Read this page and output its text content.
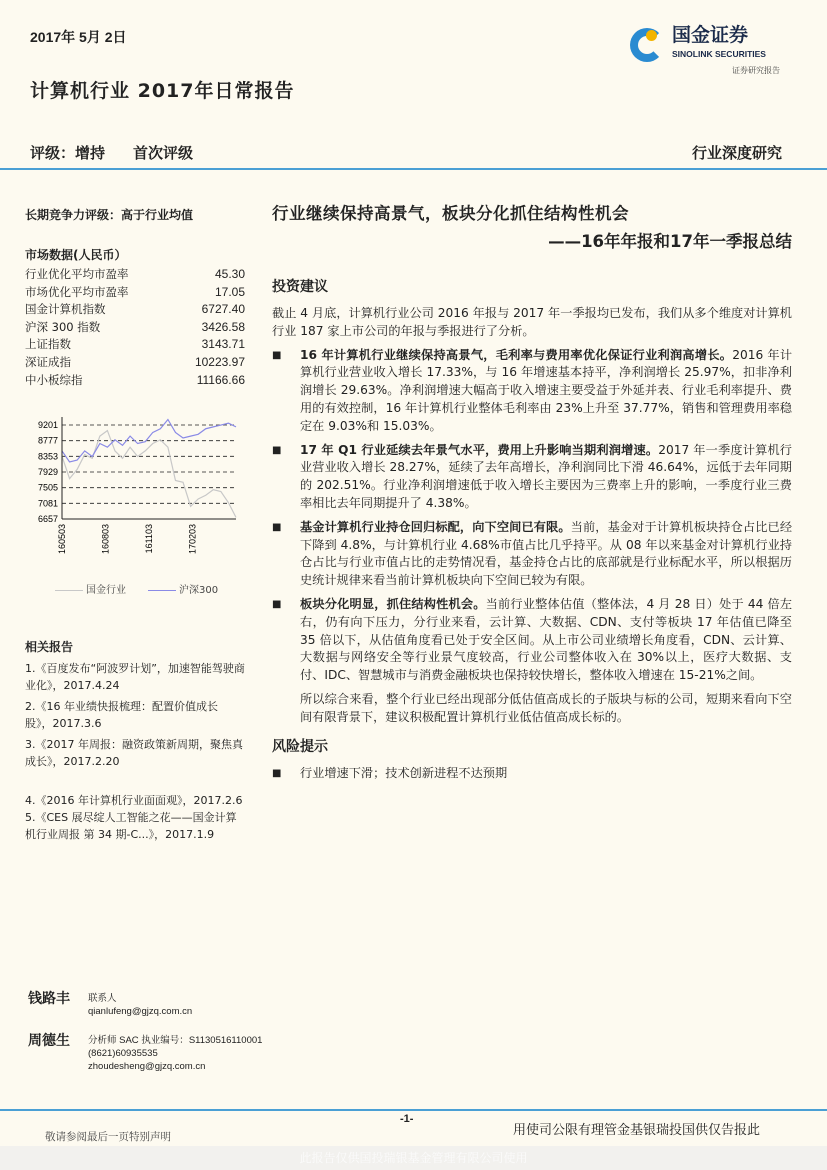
2017年 5月 2日	国金证券
SINOLINK SECURITIES
证券研究报告
计算机行业 2017年日常报告
评级：增持 首次评级	行业深度研究
长期竞争力评级：高于行业均值
市场数据(人民币）
行业优化平均市盈率	45.30
市场优化平均市盈率	17.05
国金计算机指数	6727.40
沪深 300 指数	3426.58
上证指数	3143.71
深证成指	10223.97
中小板综指	11166.66
9201
8777
8353
7929
7505
7081
6657
160503	160803	161103	170203
国金行业	沪深300
相关报告

1.《百度发布“阿波罗计划”，加速智能驾驶商业化》，2017.4.24

2.《16 年业绩快报梳理：配置价值成长股》，2017.3.6

3.《2017 年周报：融资政策新周期，聚焦真成长》，2017.2.20

4.《2016 年计算机行业面面观》，2017.2.6

5.《CES 展尽绽人工智能之花——国金计算机行业周报 第 34 期-C...》，2017.1.9

行业继续保持高景气，板块分化抓住结构性机会
——16年年报和17年一季报总结
投资建议
截止 4 月底，计算机行业公司 2016 年报与 2017 年一季报均已发布，我们从多个维度对计算机行业 187 家上市公司的年报与季报进行了分析。
■	16 年计算机行业继续保持高景气，毛利率与费用率优化保证行业利润高增长。2016 年计算机行业营业收入增长 17.33%，与 16 年增速基本持平，净利润增长 25.97%，扣非净利润增长 29.63%。净利润增速大幅高于收入增速主要受益于外延并表、行业毛利率提升、费用的有效控制，16 年计算机行业整体毛利率由 23%上升至 37.77%，销售和管理费用率稳定在 9.03%和 15.03%。
■	17 年 Q1 行业延续去年景气水平，费用上升影响当期利润增速。2017 年一季度计算机行业营业收入增长 28.27%，延续了去年高增长，净利润同比下滑 46.64%，远低于去年同期的 202.51%。行业净利润增速低于收入增长主要因为三费率上升的影响，一季度行业三费率相比去年同期提升了 4.38%。
■	基金计算机行业持仓回归标配，向下空间已有限。当前，基金对于计算机板块持仓占比已经下降到 4.8%，与计算机行业 4.68%市值占比几乎持平。从 08 年以来基金对计算机行业持仓占比与行业市值占比的走势情况看，基金持仓占比的底部就是行业标配水平，所以根据历史统计规律来看当前计算机板块向下空间已较为有限。
■	板块分化明显，抓住结构性机会。当前行业整体估值（整体法，4 月 28 日）处于 44 倍左右，仍有向下压力，分行业来看，云计算、大数据、CDN、支付等板块 17 年估值已降至 35 倍以下，从估值角度看已处于安全区间。从上市公司业绩增长角度看，CDN、云计算、大数据与网络安全等行业景气度较高，行业公司整体收入在 30%以上，医疗大数据、支付、IDC、智慧城市与消费金融板块也保持较快增长，整体收入增速在 15-21%之间。
所以综合来看，整个行业已经出现部分低估值高成长的子版块与标的公司，短期来看向下空间有限背景下，建议积极配置计算机行业低估值高成长标的。
风险提示
■	行业增速下滑；技术创新进程不达预期
钱路丰 联系人
qianlufeng@gjzq.com.cn
周德生 分析师 SAC 执业编号：S1130516110001
(8621)60935535
zhoudesheng@gjzq.com.cn
-1-
敬请参阅最后一页特别声明	用使司公限有理管金基银瑞投国供仅告报此
此报告仅供国投瑞银基金管理有限公司使用
